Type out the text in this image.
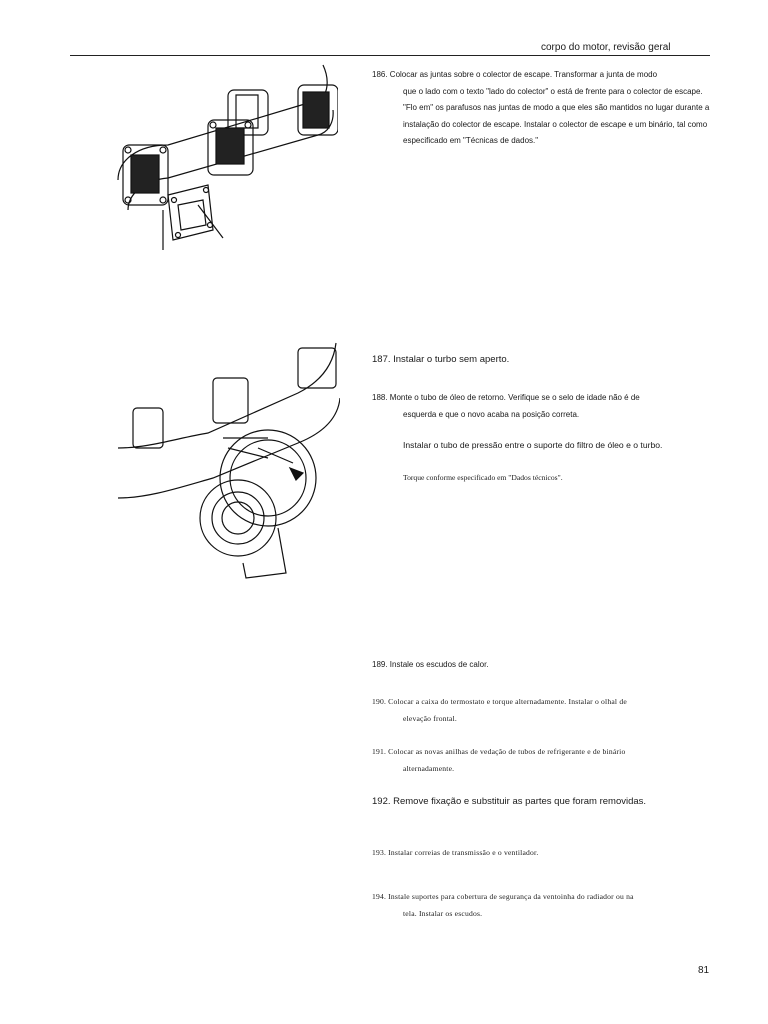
corpo do motor, revisão geral
186. Colocar as juntas sobre o colector de escape. Transformar a junta de modo
que o lado com o texto "lado do colector" o está de frente para o colector de escape. "Flo em" os parafusos nas juntas de modo a que eles são mantidos no lugar durante a instalação do colector de escape. Instalar o colector de escape e um binário, tal como especificado em "Técnicas de dados."
187. Instalar o turbo sem aperto.
188. Monte o tubo de óleo de retorno. Verifique se o selo de idade não é de
esquerda e que o novo acaba na posição correta.
Instalar o tubo de pressão entre o suporte do filtro de óleo e o turbo.
Torque conforme especificado em "Dados técnicos".
189. Instale os escudos de calor.
190. Colocar a caixa do termostato e torque alternadamente. Instalar o olhal de
elevação frontal.
191. Colocar as novas anilhas de vedação de tubos de refrigerante e de binário
alternadamente.
192. Remove fixação e substituir as partes que foram removidas.
193. Instalar correias de transmissão e o ventilador.
194. Instale suportes para cobertura de segurança da ventoinha do radiador ou na
tela. Instalar os escudos.
81
